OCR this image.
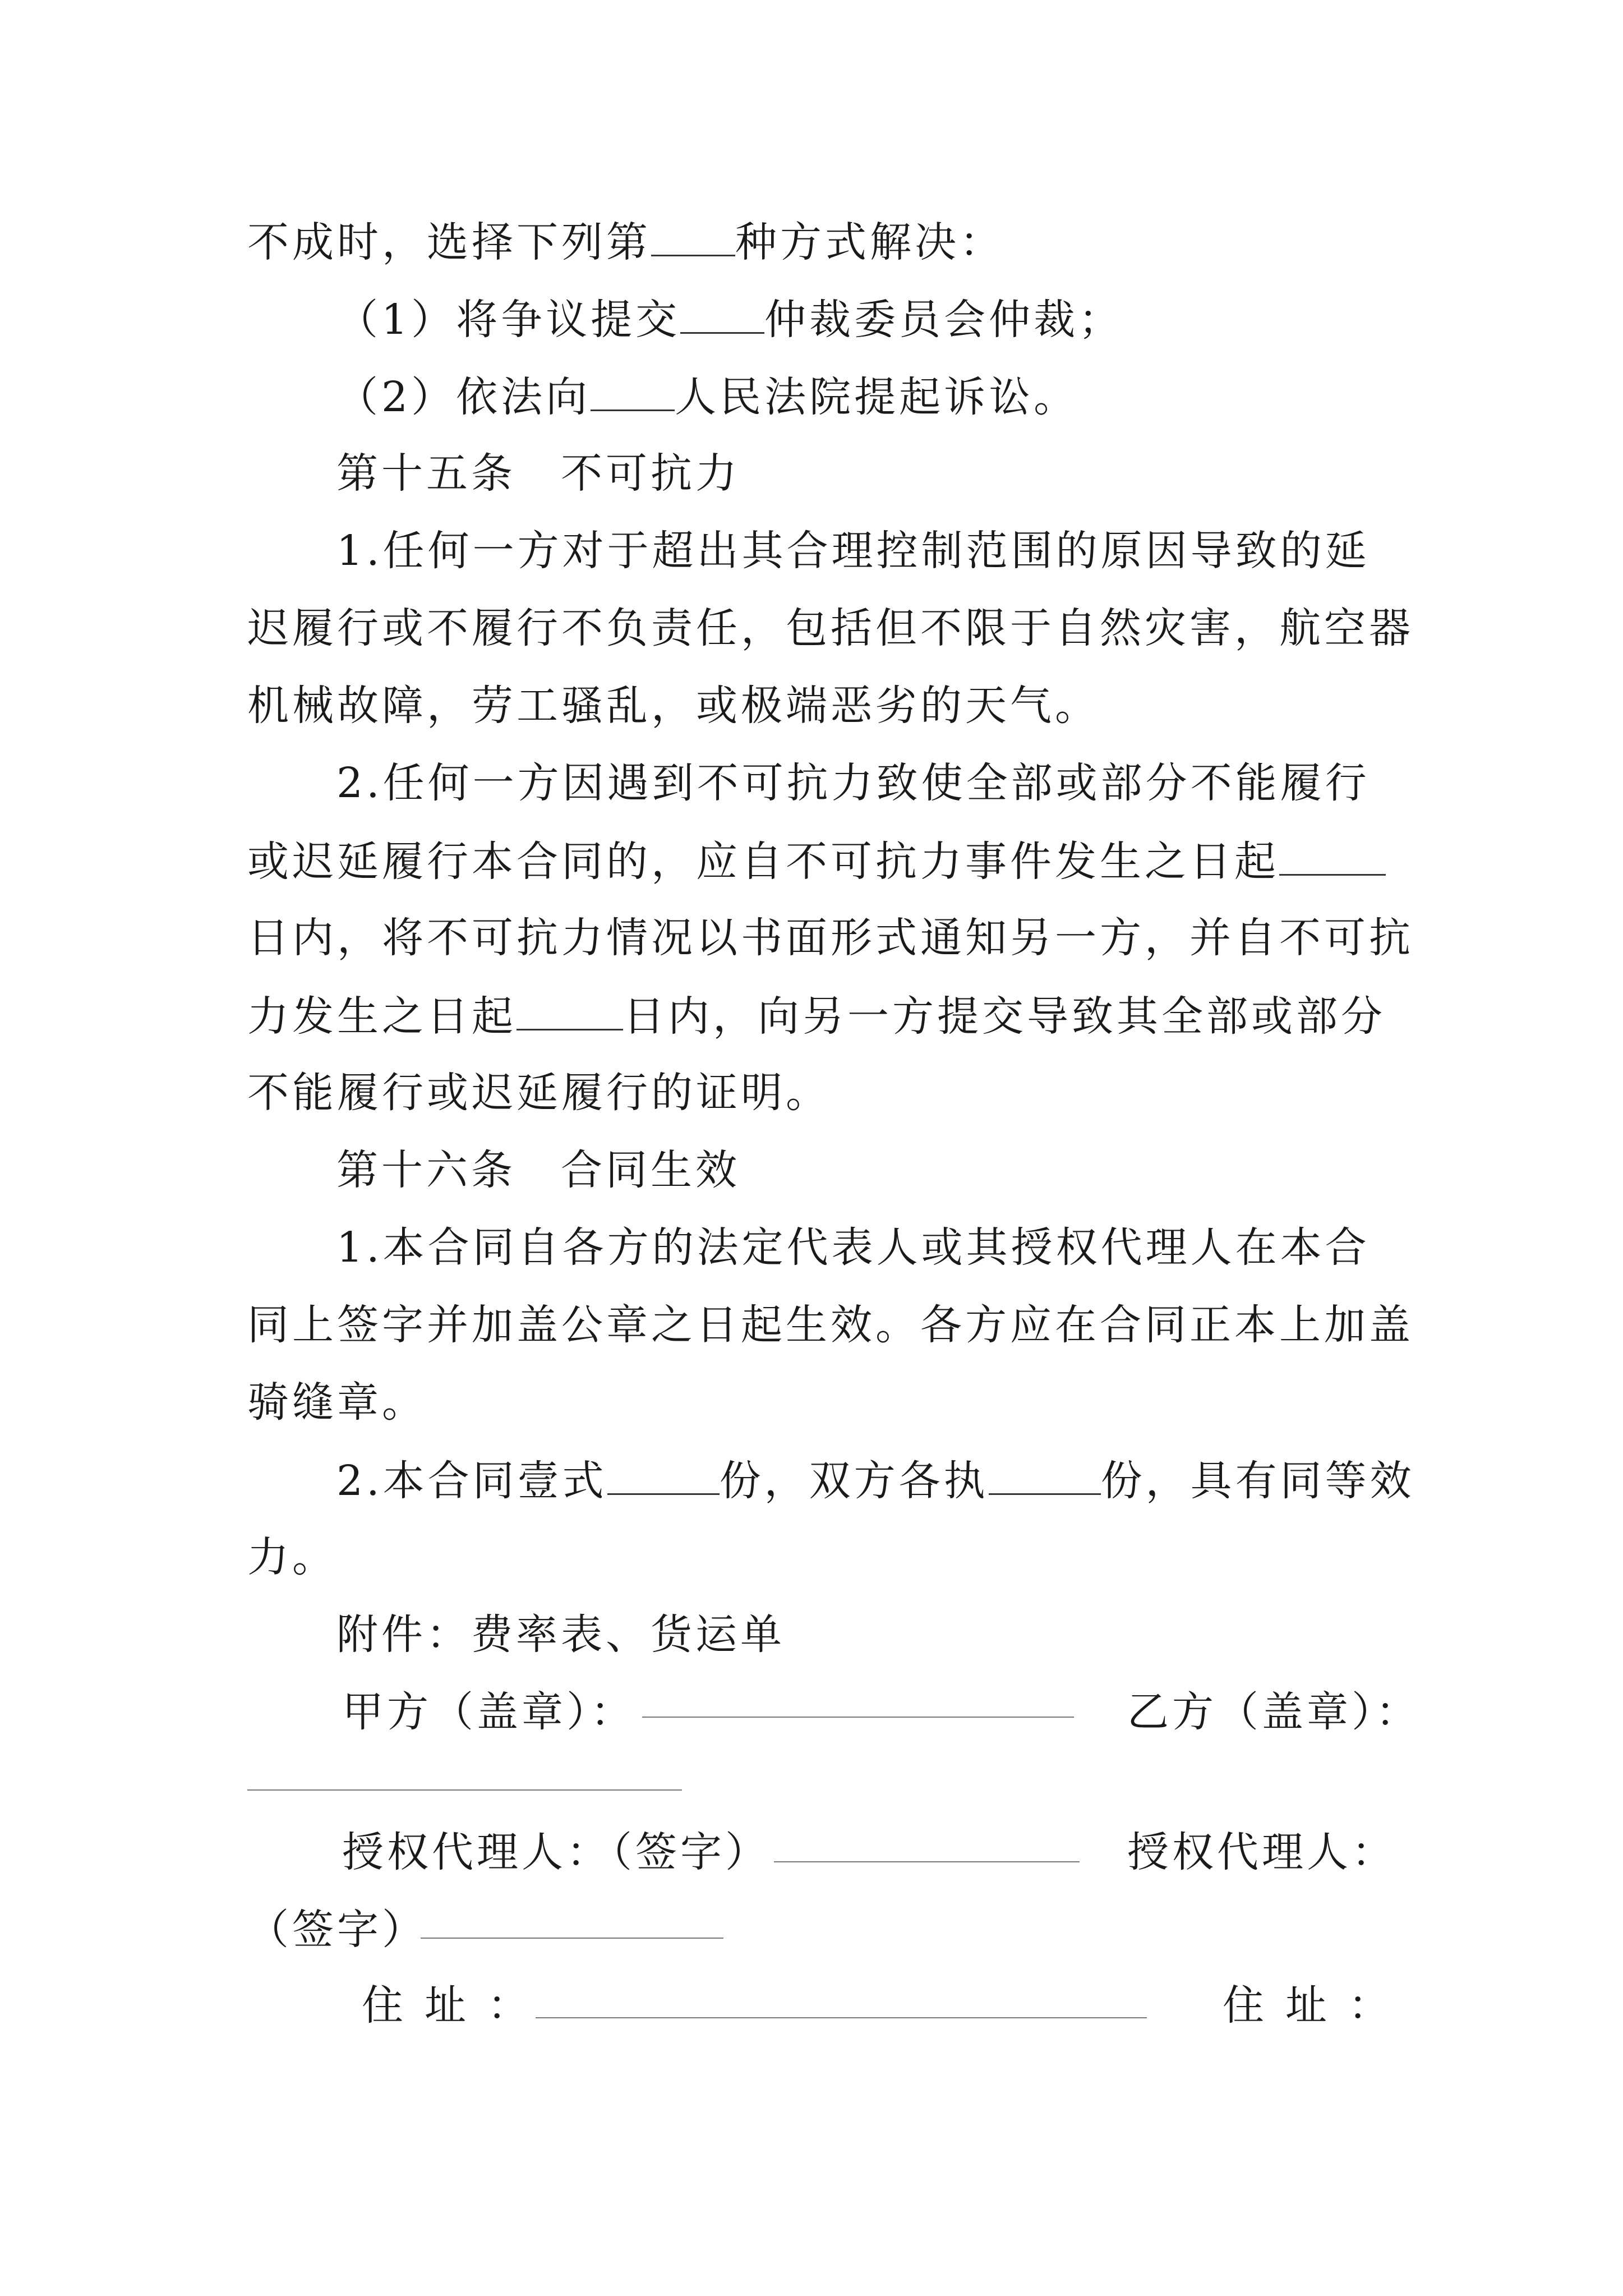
不成时，选择下列第 种方式解决：
（1）将争议提交 仲裁委员会仲裁；
（2）依法向 人民法院提起诉讼。
第十五条　不可抗力
1.任何一方对于超出其合理控制范围的原因导致的延
迟履行或不履行不负责任，包括但不限于自然灾害，航空器
机械故障，劳工骚乱，或极端恶劣的天气。
2.任何一方因遇到不可抗力致使全部或部分不能履行
或迟延履行本合同的，应自不可抗力事件发生之日起
日内，将不可抗力情况以书面形式通知另一方，并自不可抗
力发生之日起	日内，向另一方提交导致其全部或部分
不能履行或迟延履行的证明。
第十六条　合同生效
1.本合同自各方的法定代表人或其授权代理人在本合
同上签字并加盖公章之日起生效。各方应在合同正本上加盖
骑缝章。
2.本合同壹式	份，双方各执	份，具有同等效
力。
附件：费率表、货运单
甲方（盖章）：	乙方（盖章）：
授权代理人：（签字）	授权代理人：
（签字）
住址：	住址：
